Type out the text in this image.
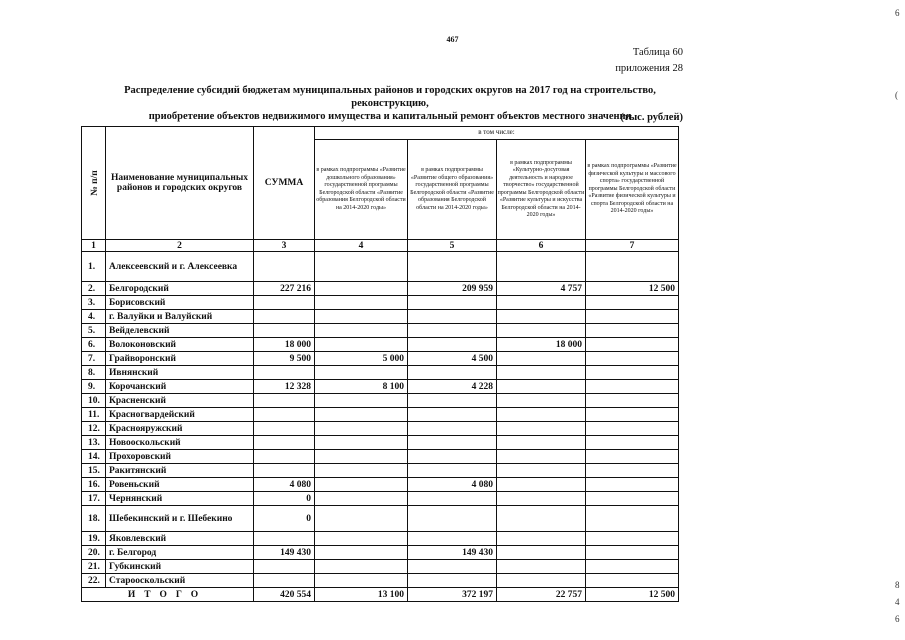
467
Таблица 60
приложения 28
Распределение субсидий бюджетам муниципальных районов и городских округов на 2017 год на строительство, реконструкцию,
приобретение объектов недвижимого имущества и капитальный ремонт объектов местного значения
(тыс. рублей)
№ п/п	Наименование муниципальных районов и городских округов	СУММА	в том числе:			
			в рамках подпрограммы «Развитие дошкольного образования» государственной программы Белгородской области «Развитие образования Белгородской области на 2014-2020 годы»	в рамках подпрограммы «Развитие общего образования» государственной программы Белгородской области «Развитие образования Белгородской области на 2014-2020 годы»	в рамках подпрограммы «Культурно-досуговая деятельность и народное творчество» государственной программы Белгородской области «Развитие культуры и искусства Белгородской области на 2014-2020 годы»	в рамках подпрограммы «Развитие физической культуры и массового спорта» государственной программы Белгородской области «Развитие физической культуры и спорта Белгородской области на 2014-2020 годы»
1	2	3	4	5	6	7
1.	Алексеевский и г. Алексеевка					
2.	Белгородский	227 216		209 959	4 757	12 500
3.	Борисовский					
4.	г. Валуйки и Валуйский					
5.	Вейделевский					
6.	Волоконовский	18 000			18 000	
7.	Грайворонский	9 500	5 000	4 500		
8.	Ивнянский					
9.	Корочанский	12 328	8 100	4 228		
10.	Красненский					
11.	Красногвардейский					
12.	Краснояружский					
13.	Новооскольский					
14.	Прохоровский					
15.	Ракитянский					
16.	Ровеньский	4 080		4 080		
17.	Чернянский	0				
18.	Шебекинский и г. Шебекино	0				
19.	Яковлевский					
20.	г. Белгород	149 430		149 430		
21.	Губкинский					
22.	Старооскольский					
ИТОГО		420 554	13 100	372 197	22 757	12 500
6
(
8
4
6
